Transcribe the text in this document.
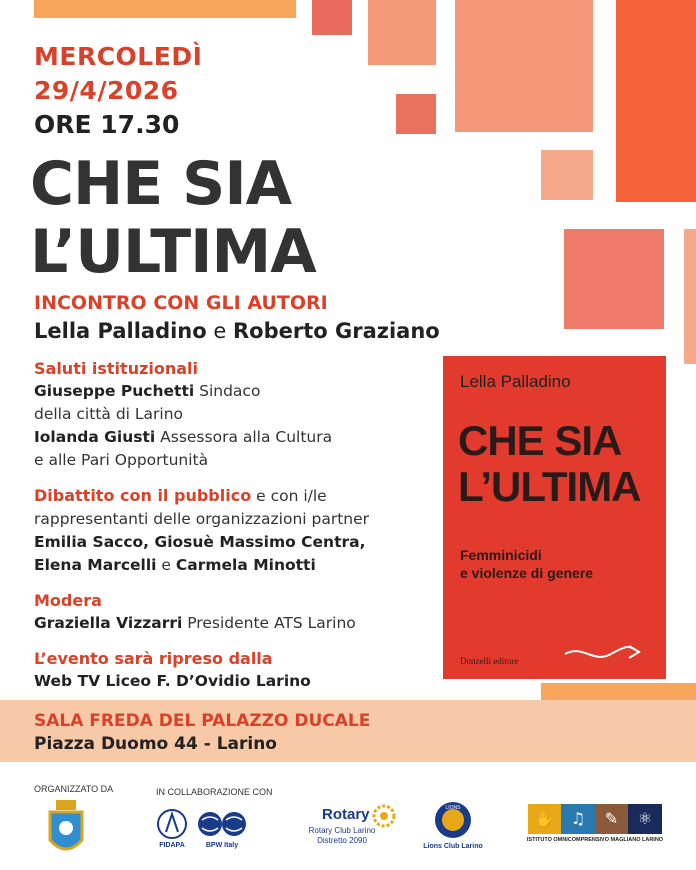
MERCOLEDÌ
29/4/2026
ORE 17.30
CHE SIA
L’ULTIMA
INCONTRO CON GLI AUTORI
Lella Palladino e Roberto Graziano
Saluti istituzionali
Giuseppe Puchetti Sindaco
della città di Larino
Iolanda Giusti Assessora alla Cultura
e alle Pari Opportunità
Dibattito con il pubblico e con i/le
rappresentanti delle organizzazioni partner
Emilia Sacco, Giosuè Massimo Centra,
Elena Marcelli e Carmela Minotti
Modera
Graziella Vizzarri Presidente ATS Larino
L’evento sarà ripreso dalla
Web TV Liceo F. D’Ovidio Larino
Lella Palladino
CHE SIA
L’ULTIMA
Femminicidi
e violenze di genere
Donzelli editore
SALA FREDA DEL PALAZZO DUCALE
Piazza Duomo 44 - Larino
ORGANIZZATO DA	IN COLLABORAZIONE CON
FIDAPA	BPW Italy
Rotary
Rotary Club Larino
Distretto 2090
LIONS
Lions Club Larino
✋	♫	✎	⚛
ISTITUTO OMNICOMPRENSIVO MAGLIANO LARINO
